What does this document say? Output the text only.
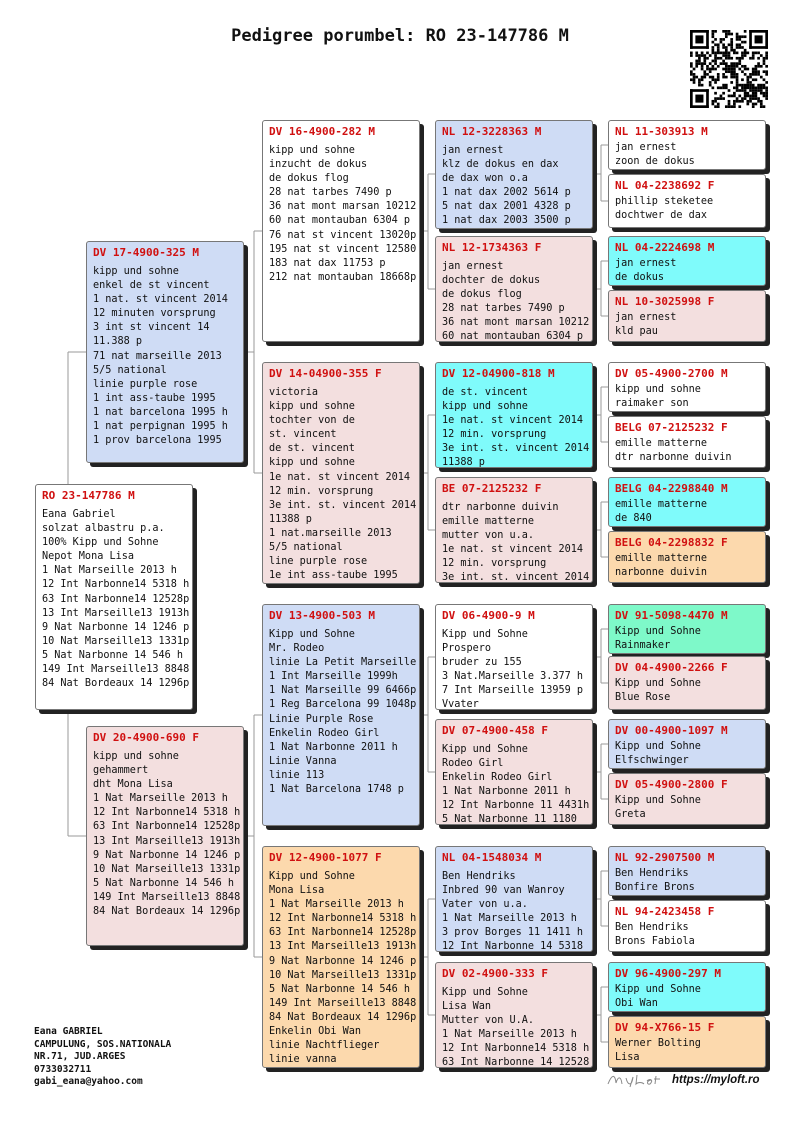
Pedigree porumbel: RO 23-147786 M
RO 23-147786 M
Eana Gabriel
solzat albastru p.a.
100% Kipp und Sohne
Nepot Mona Lisa
1 Nat Marseille 2013 h
12 Int Narbonne14 5318 h
63 Int Narbonne14 12528p
13 Int Marseille13 1913h
9 Nat Narbonne 14 1246 p
10 Nat Marseille13 1331p
5 Nat Narbonne 14 546 h
149 Int Marseille13 8848
84 Nat Bordeaux 14 1296p
DV 17-4900-325 M
kipp und sohne
enkel de st vincent
1 nat. st vincent 2014
12 minuten vorsprung
3 int st vincent 14
11.388 p
71 nat marseille 2013
5/5 national
linie purple rose
1 int ass-taube 1995
1 nat barcelona 1995 h
1 nat perpignan 1995 h
1 prov barcelona 1995
DV 20-4900-690 F
kipp und sohne
gehammert
dht Mona Lisa
1 Nat Marseille 2013 h
12 Int Narbonne14 5318 h
63 Int Narbonne14 12528p
13 Int Marseille13 1913h
9 Nat Narbonne 14 1246 p
10 Nat Marseille13 1331p
5 Nat Narbonne 14 546 h
149 Int Marseille13 8848
84 Nat Bordeaux 14 1296p
DV 16-4900-282 M
kipp und sohne
inzucht de dokus
de dokus flog
28 nat tarbes 7490 p
36 nat mont marsan 10212
60 nat montauban 6304 p
76 nat st vincent 13020p
195 nat st vincent 12580
183 nat dax 11753 p
212 nat montauban 18668p
DV 14-04900-355 F
victoria
kipp und sohne
tochter von de
st. vincent
de st. vincent
kipp und sohne
1e nat. st vincent 2014
12 min. vorsprung
3e int. st. vincent 2014
11388 p
1 nat.marseille 2013
5/5 national
line purple rose
1e int ass-taube 1995
DV 13-4900-503 M
Kipp und Sohne
Mr. Rodeo
linie La Petit Marseille
1 Int Marseille 1999h
1 Nat Marseille 99 6466p
1 Reg Barcelona 99 1048p
Linie Purple Rose
Enkelin Rodeo Girl
1 Nat Narbonne 2011 h
Linie Vanna
linie 113
1 Nat Barcelona 1748 p
DV 12-4900-1077 F
Kipp und Sohne
Mona Lisa
1 Nat Marseille 2013 h
12 Int Narbonne14 5318 h
63 Int Narbonne14 12528p
13 Int Marseille13 1913h
9 Nat Narbonne 14 1246 p
10 Nat Marseille13 1331p
5 Nat Narbonne 14 546 h
149 Int Marseille13 8848
84 Nat Bordeaux 14 1296p
Enkelin Obi Wan
linie Nachtflieger
linie vanna
NL 12-3228363 M
jan ernest
klz de dokus en dax
de dax won o.a
1 nat dax 2002 5614 p
5 nat dax 2001 4328 p
1 nat dax 2003 3500 p
NL 12-1734363 F
jan ernest
dochter de dokus
de dokus flog
28 nat tarbes 7490 p
36 nat mont marsan 10212
60 nat montauban 6304 p
DV 12-04900-818 M
de st. vincent
kipp und sohne
1e nat. st vincent 2014
12 min. vorsprung
3e int. st. vincent 2014
11388 p
BE 07-2125232 F
dtr narbonne duivin
emille matterne
mutter von u.a.
1e nat. st vincent 2014
12 min. vorsprung
3e int. st. vincent 2014
DV 06-4900-9 M
Kipp und Sohne
Prospero
bruder zu 155
3 Nat.Marseille 3.377 h
7 Int Marseille 13959 p
Vvater
DV 07-4900-458 F
Kipp und Sohne
Rodeo Girl
Enkelin Rodeo Girl
1 Nat Narbonne 2011 h
12 Int Narbonne 11 4431h
5 Nat Narbonne 11 1180
NL 04-1548034 M
Ben Hendriks
Inbred 90 van Wanroy
Vater von u.a.
1 Nat Marseille 2013 h
3 prov Borges 11 1411 h
12 Int Narbonne 14 5318
DV 02-4900-333 F
Kipp und Sohne
Lisa Wan
Mutter von U.A.
1 Nat Marseille 2013 h
12 Int Narbonne14 5318 h
63 Int Narbonne 14 12528
NL 11-303913 M
jan ernest
zoon de dokus
NL 04-2238692 F
phillip steketee
dochtwer de dax
NL 04-2224698 M
jan ernest
de dokus
NL 10-3025998 F
jan ernest
kld pau
DV 05-4900-2700 M
kipp und sohne
raimaker son
BELG 07-2125232 F
emille matterne
dtr narbonne duivin
BELG 04-2298840 M
emille matterne
de 840
BELG 04-2298832 F
emille matterne
narbonne duivin
DV 91-5098-4470 M
Kipp und Sohne
Rainmaker
DV 04-4900-2266 F
Kipp und Sohne
Blue Rose
DV 00-4900-1097 M
Kipp und Sohne
Elfschwinger
DV 05-4900-2800 F
Kipp und Sohne
Greta
NL 92-2907500 M
Ben Hendriks
Bonfire Brons
NL 94-2423458 F
Ben Hendriks
Brons Fabiola
DV 96-4900-297 M
Kipp und Sohne
Obi Wan
DV 94-X766-15 F
Werner Bolting
Lisa
Eana GABRIEL
CAMPULUNG, SOS.NATIONALA
NR.71, JUD.ARGES
0733032711
gabi_eana@yahoo.com	https://myloft.ro
